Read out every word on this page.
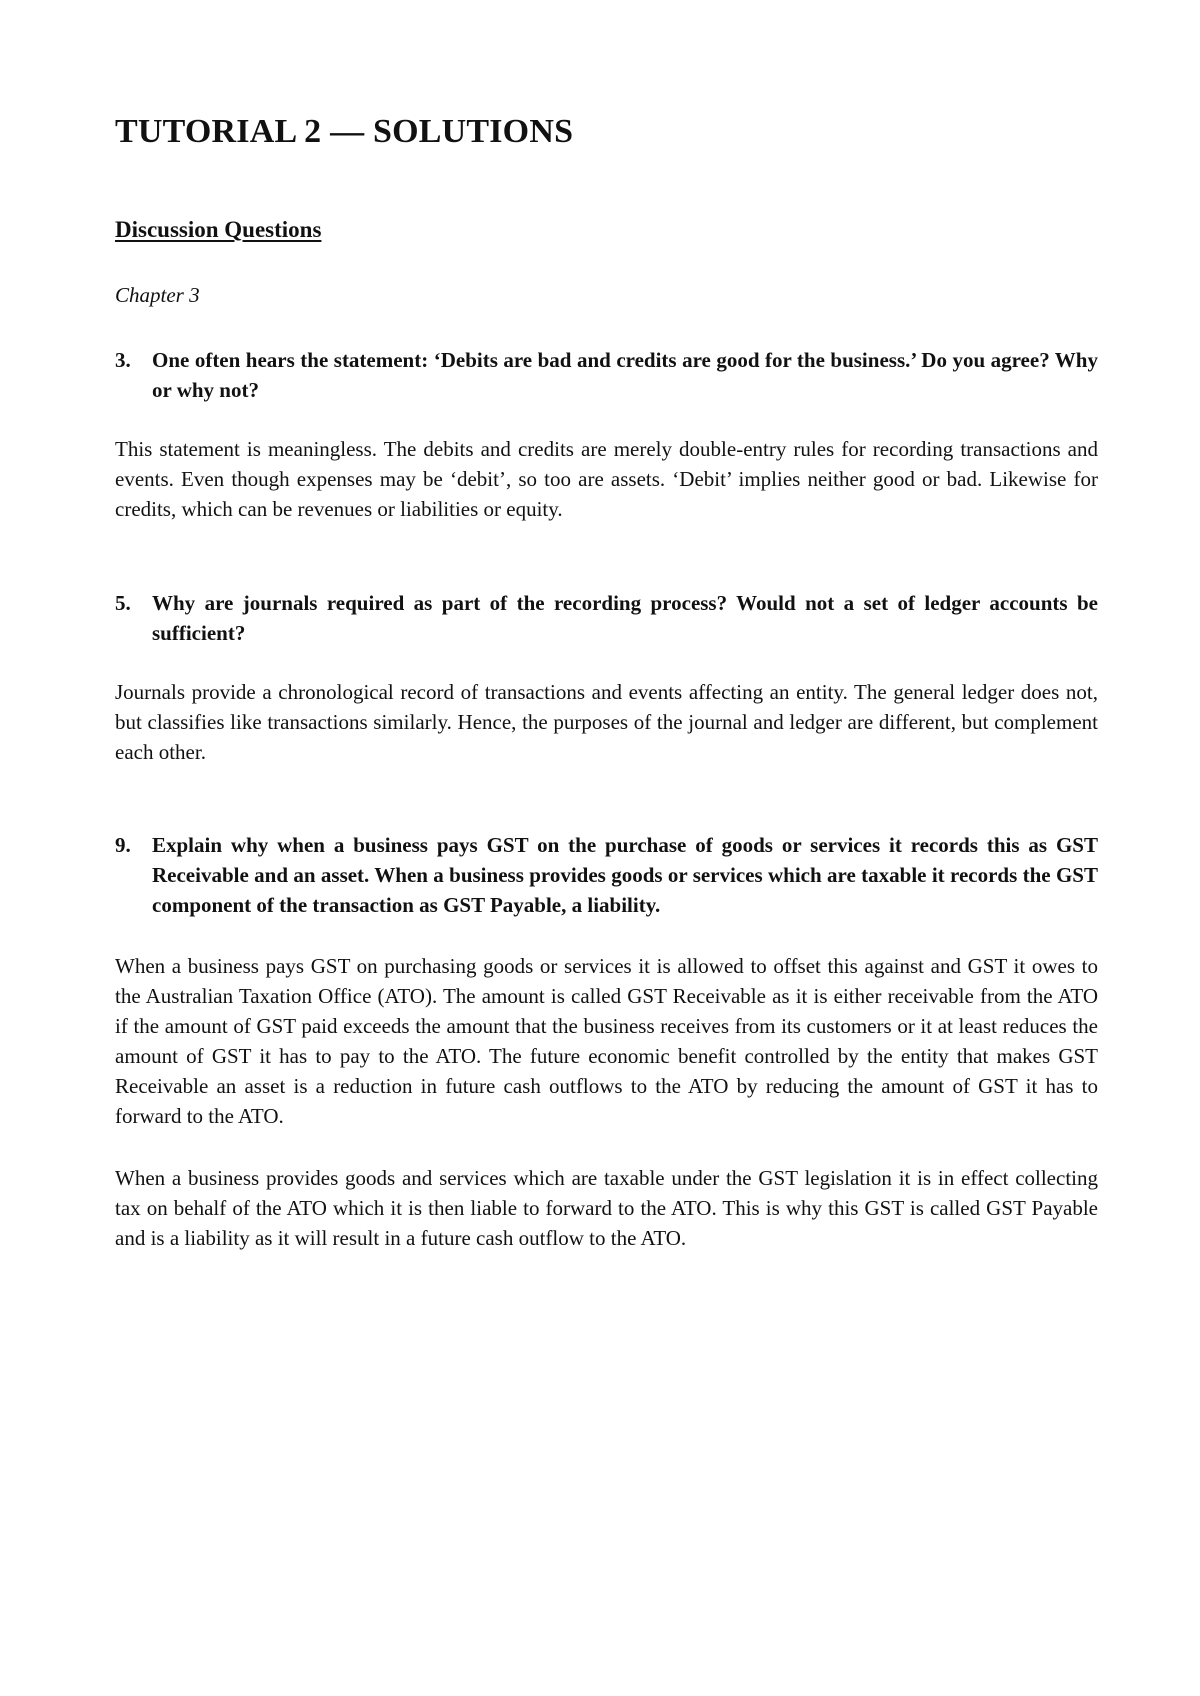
TUTORIAL 2 — SOLUTIONS
Discussion Questions

Chapter 3

3. One often hears the statement: ‘Debits are bad and credits are good for the business.’ Do you agree? Why or why not?

This statement is meaningless. The debits and credits are merely double-entry rules for recording transactions and events. Even though expenses may be ‘debit’, so too are assets. ‘Debit’ implies neither good or bad. Likewise for credits, which can be revenues or liabilities or equity.

5. Why are journals required as part of the recording process? Would not a set of ledger accounts be sufficient?

Journals provide a chronological record of transactions and events affecting an entity. The general ledger does not, but classifies like transactions similarly. Hence, the purposes of the journal and ledger are different, but complement each other.

9. Explain why when a business pays GST on the purchase of goods or services it records this as GST Receivable and an asset. When a business provides goods or services which are taxable it records the GST component of the transaction as GST Payable, a liability.

When a business pays GST on purchasing goods or services it is allowed to offset this against and GST it owes to the Australian Taxation Office (ATO). The amount is called GST Receivable as it is either receivable from the ATO if the amount of GST paid exceeds the amount that the business receives from its customers or it at least reduces the amount of GST it has to pay to the ATO. The future economic benefit controlled by the entity that makes GST Receivable an asset is a reduction in future cash outflows to the ATO by reducing the amount of GST it has to forward to the ATO.

When a business provides goods and services which are taxable under the GST legislation it is in effect collecting tax on behalf of the ATO which it is then liable to forward to the ATO. This is why this GST is called GST Payable and is a liability as it will result in a future cash outflow to the ATO.
